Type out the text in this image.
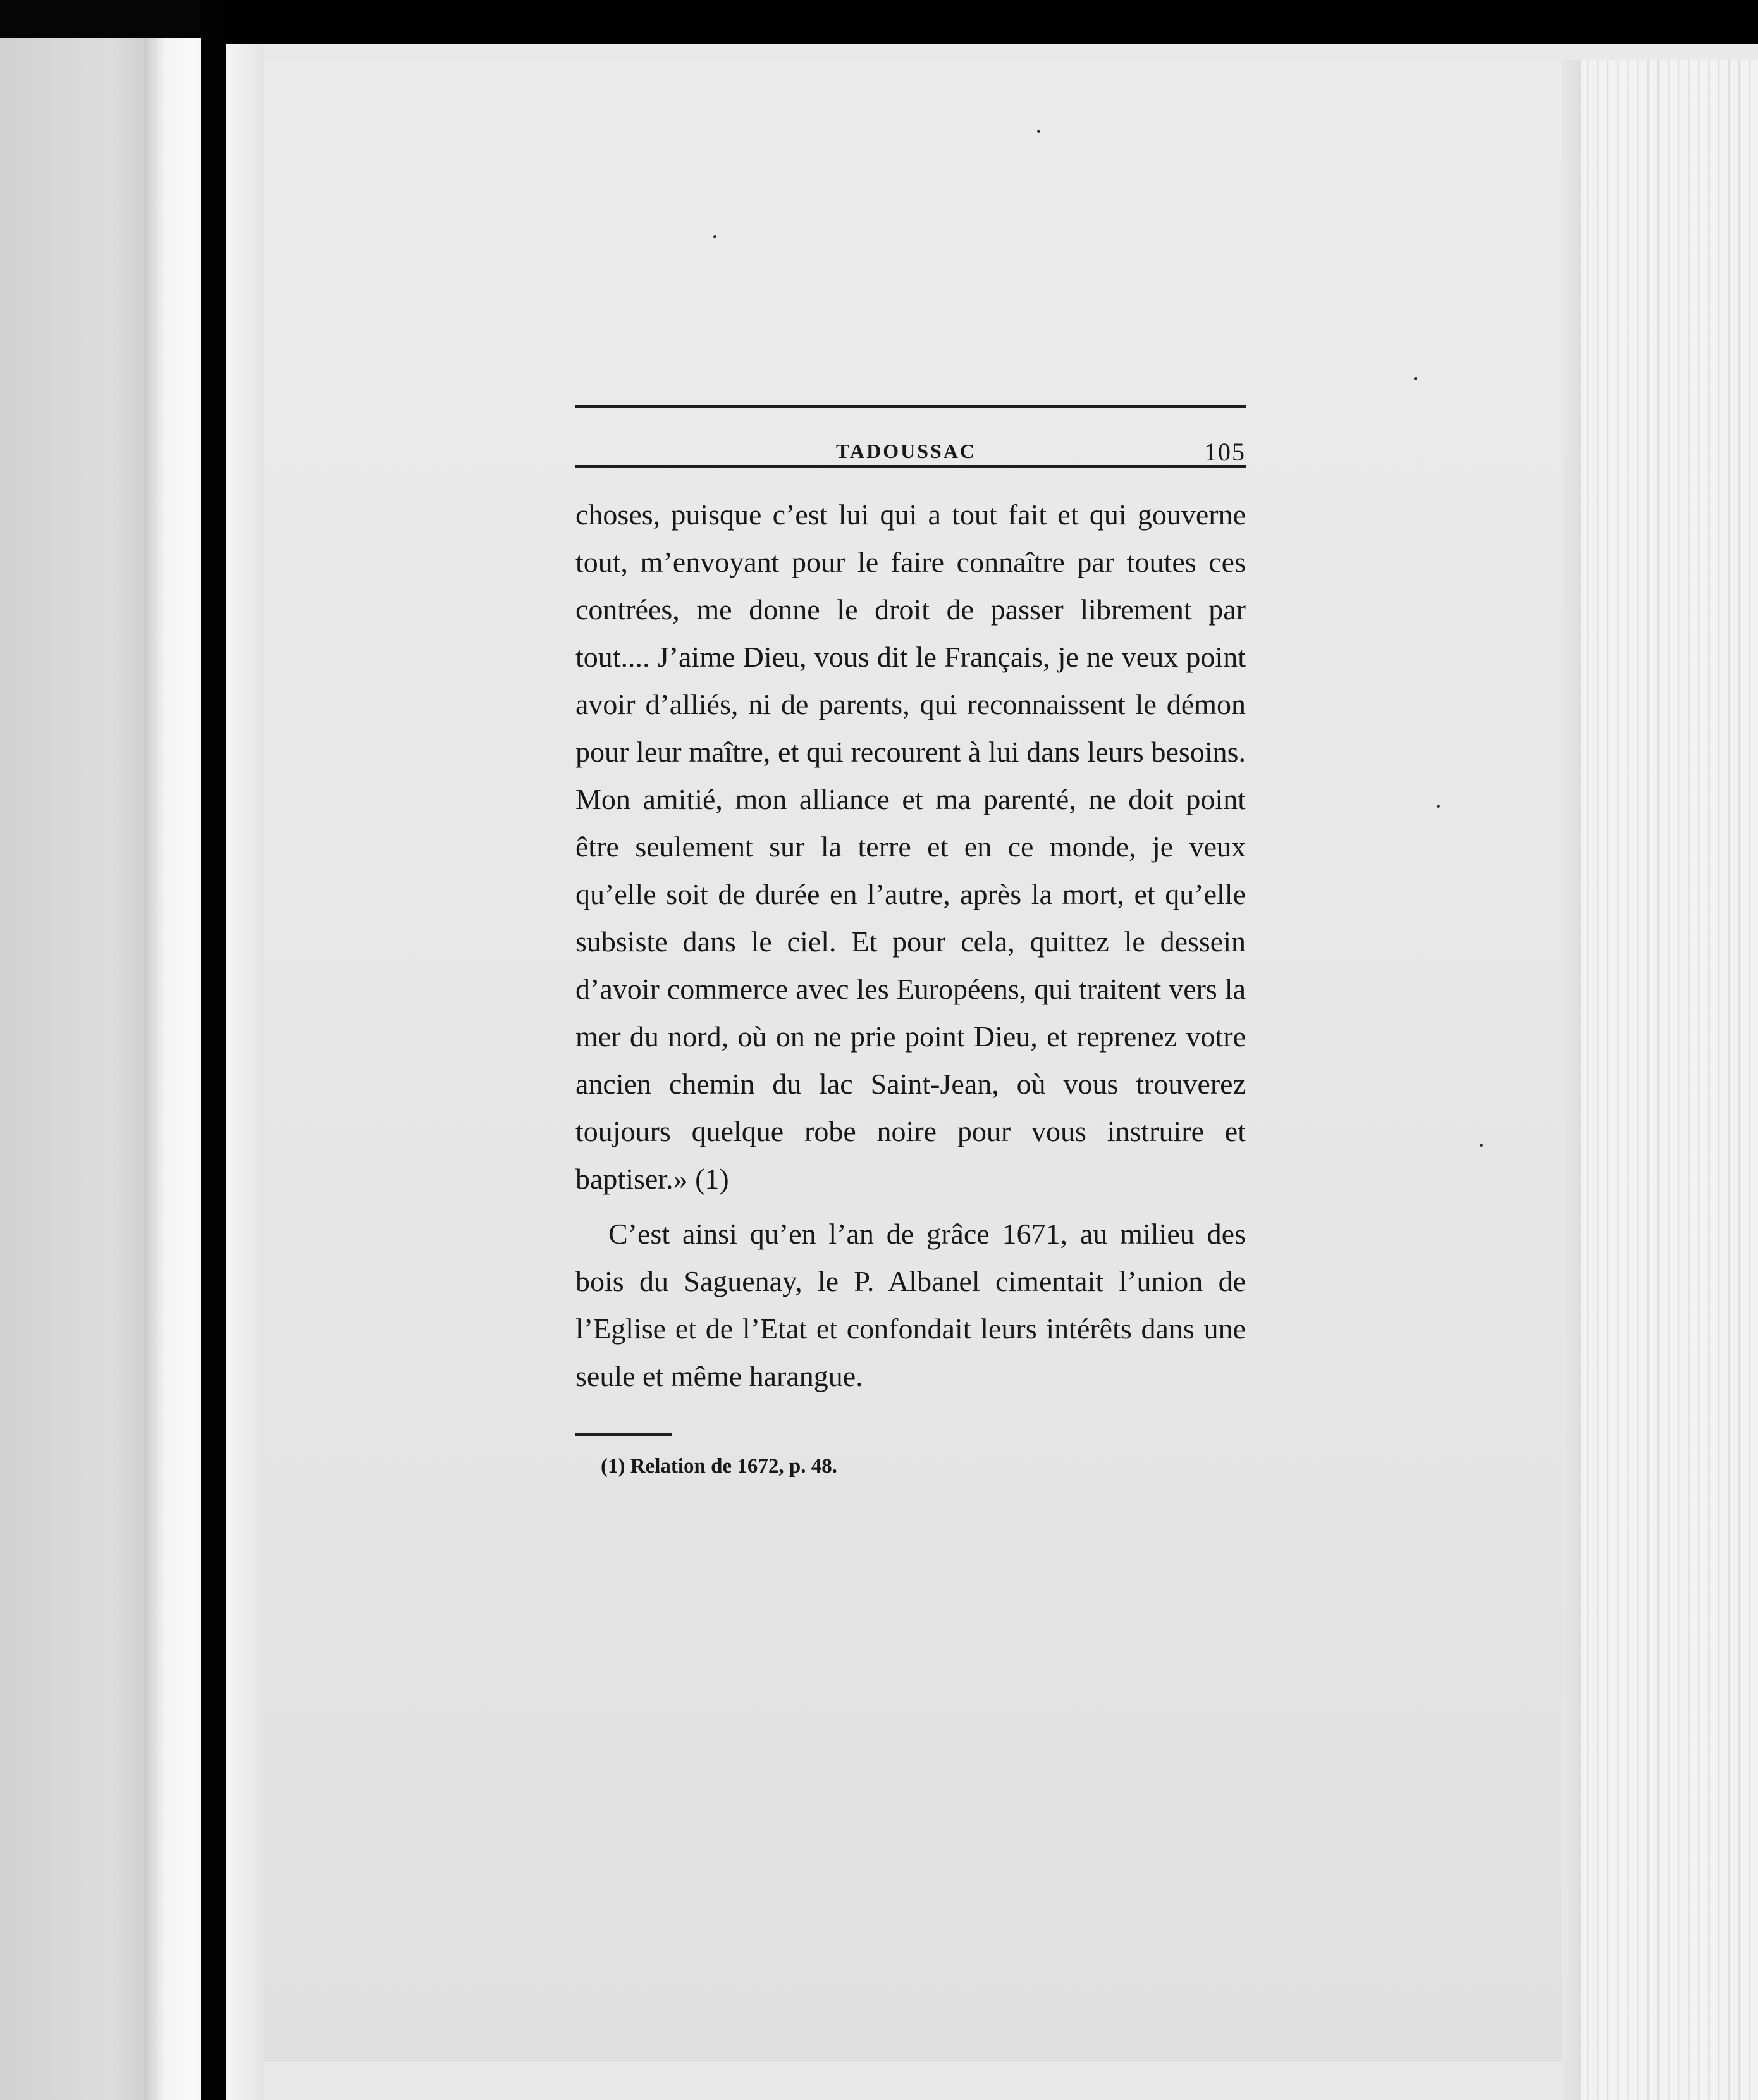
TADOUSSAC	105

choses, puisque c’est lui qui a tout fait et qui gouverne tout, m’envoyant pour le faire connaître par toutes ces contrées, me donne le droit de passer librement par tout.... J’aime Dieu, vous dit le Français, je ne veux point avoir d’alliés, ni de parents, qui reconnaissent le démon pour leur maître, et qui recourent à lui dans leurs besoins. Mon amitié, mon alliance et ma parenté, ne doit point être seulement sur la terre et en ce monde, je veux qu’elle soit de durée en l’autre, après la mort, et qu’elle subsiste dans le ciel. Et pour cela, quittez le dessein d’avoir commerce avec les Européens, qui traitent vers la mer du nord, où on ne prie point Dieu, et reprenez votre ancien chemin du lac Saint-Jean, où vous trouverez toujours quelque robe noire pour vous instruire et baptiser.» (1)

C’est ainsi qu’en l’an de grâce 1671, au milieu des bois du Saguenay, le P. Albanel cimentait l’union de l’Eglise et de l’Etat et confondait leurs intérêts dans une seule et même harangue.

(1) Relation de 1672, p. 48.
